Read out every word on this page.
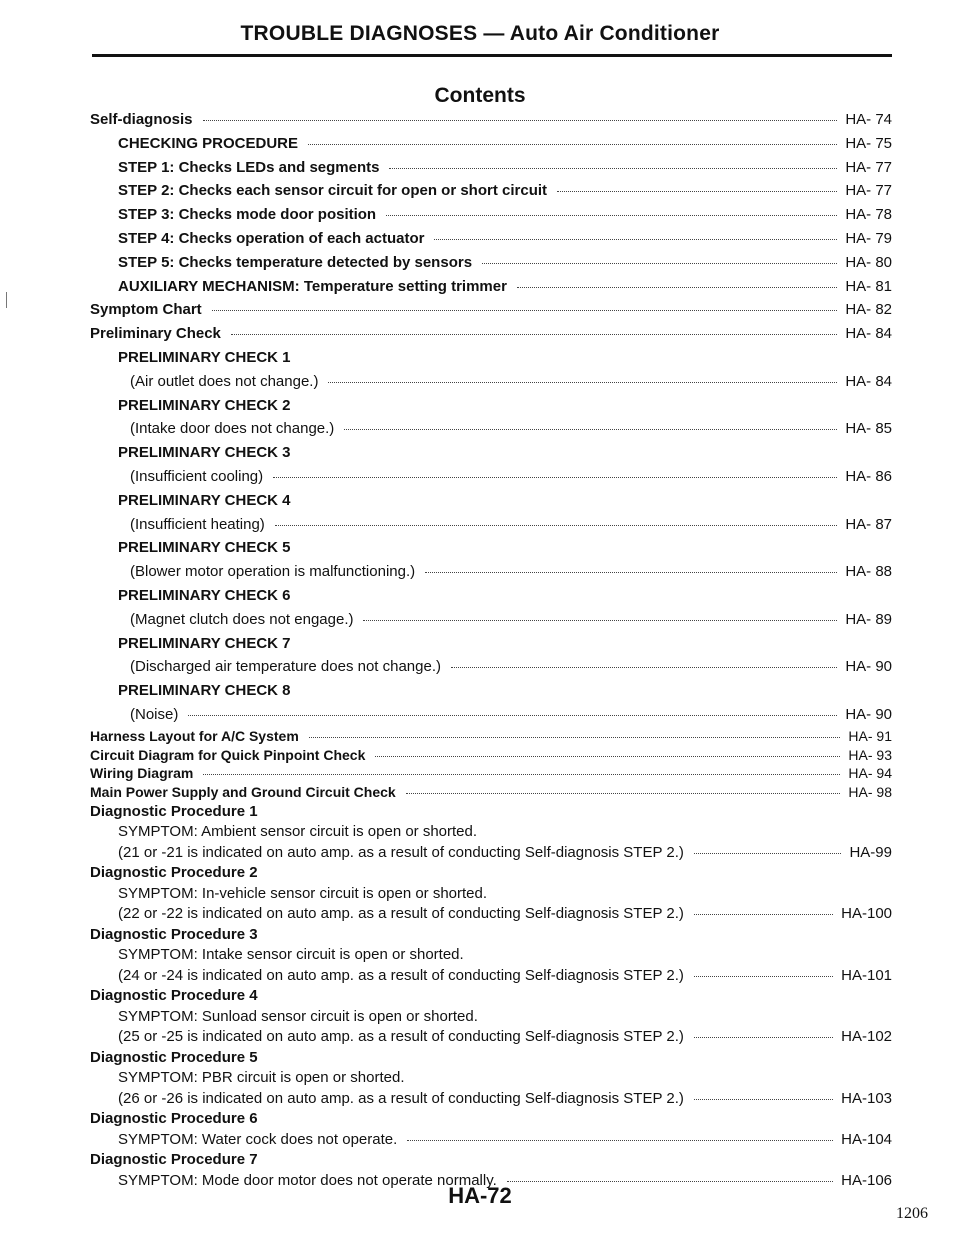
TROUBLE DIAGNOSES — Auto Air Conditioner
Contents
Self-diagnosis	HA- 74
CHECKING PROCEDURE	HA- 75
STEP 1: Checks LEDs and segments	HA- 77
STEP 2: Checks each sensor circuit for open or short circuit	HA- 77
STEP 3: Checks mode door position	HA- 78
STEP 4: Checks operation of each actuator	HA- 79
STEP 5: Checks temperature detected by sensors	HA- 80
AUXILIARY MECHANISM: Temperature setting trimmer	HA- 81
Symptom Chart	HA- 82
Preliminary Check	HA- 84
PRELIMINARY CHECK 1
(Air outlet does not change.)	HA- 84
PRELIMINARY CHECK 2
(Intake door does not change.)	HA- 85
PRELIMINARY CHECK 3
(Insufficient cooling)	HA- 86
PRELIMINARY CHECK 4
(Insufficient heating)	HA- 87
PRELIMINARY CHECK 5
(Blower motor operation is malfunctioning.)	HA- 88
PRELIMINARY CHECK 6
(Magnet clutch does not engage.)	HA- 89
PRELIMINARY CHECK 7
(Discharged air temperature does not change.)	HA- 90
PRELIMINARY CHECK 8
(Noise)	HA- 90
Harness Layout for A/C System	HA- 91
Circuit Diagram for Quick Pinpoint Check	HA- 93
Wiring Diagram	HA- 94
Main Power Supply and Ground Circuit Check	HA- 98
Diagnostic Procedure 1
SYMPTOM: Ambient sensor circuit is open or shorted.
(21 or -21 is indicated on auto amp. as a result of conducting Self-diagnosis STEP 2.)	HA-99
Diagnostic Procedure 2
SYMPTOM: In-vehicle sensor circuit is open or shorted.
(22 or -22 is indicated on auto amp. as a result of conducting Self-diagnosis STEP 2.)	HA-100
Diagnostic Procedure 3
SYMPTOM: Intake sensor circuit is open or shorted.
(24 or -24 is indicated on auto amp. as a result of conducting Self-diagnosis STEP 2.)	HA-101
Diagnostic Procedure 4
SYMPTOM: Sunload sensor circuit is open or shorted.
(25 or -25 is indicated on auto amp. as a result of conducting Self-diagnosis STEP 2.)	HA-102
Diagnostic Procedure 5
SYMPTOM: PBR circuit is open or shorted.
(26 or -26 is indicated on auto amp. as a result of conducting Self-diagnosis STEP 2.)	HA-103
Diagnostic Procedure 6
SYMPTOM: Water cock does not operate.	HA-104
Diagnostic Procedure 7
SYMPTOM: Mode door motor does not operate normally.	HA-106
HA-72
1206
